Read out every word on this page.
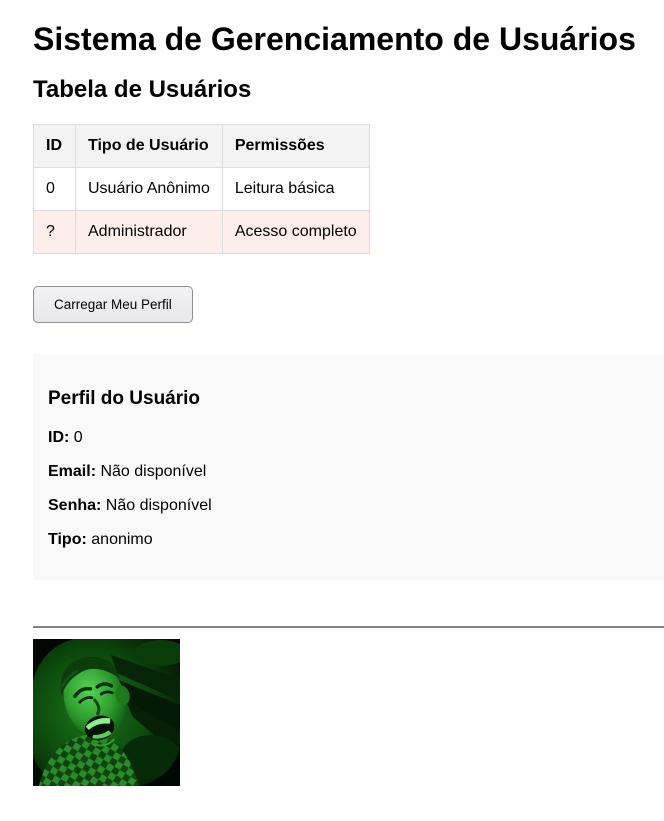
Sistema de Gerenciamento de Usuários
Tabela de Usuários
ID	Tipo de Usuário	Permissões
0	Usuário Anônimo	Leitura básica
?	Administrador	Acesso completo
Carregar Meu Perfil
Perfil do Usuário

ID: 0

Email: Não disponível

Senha: Não disponível

Tipo: anonimo
